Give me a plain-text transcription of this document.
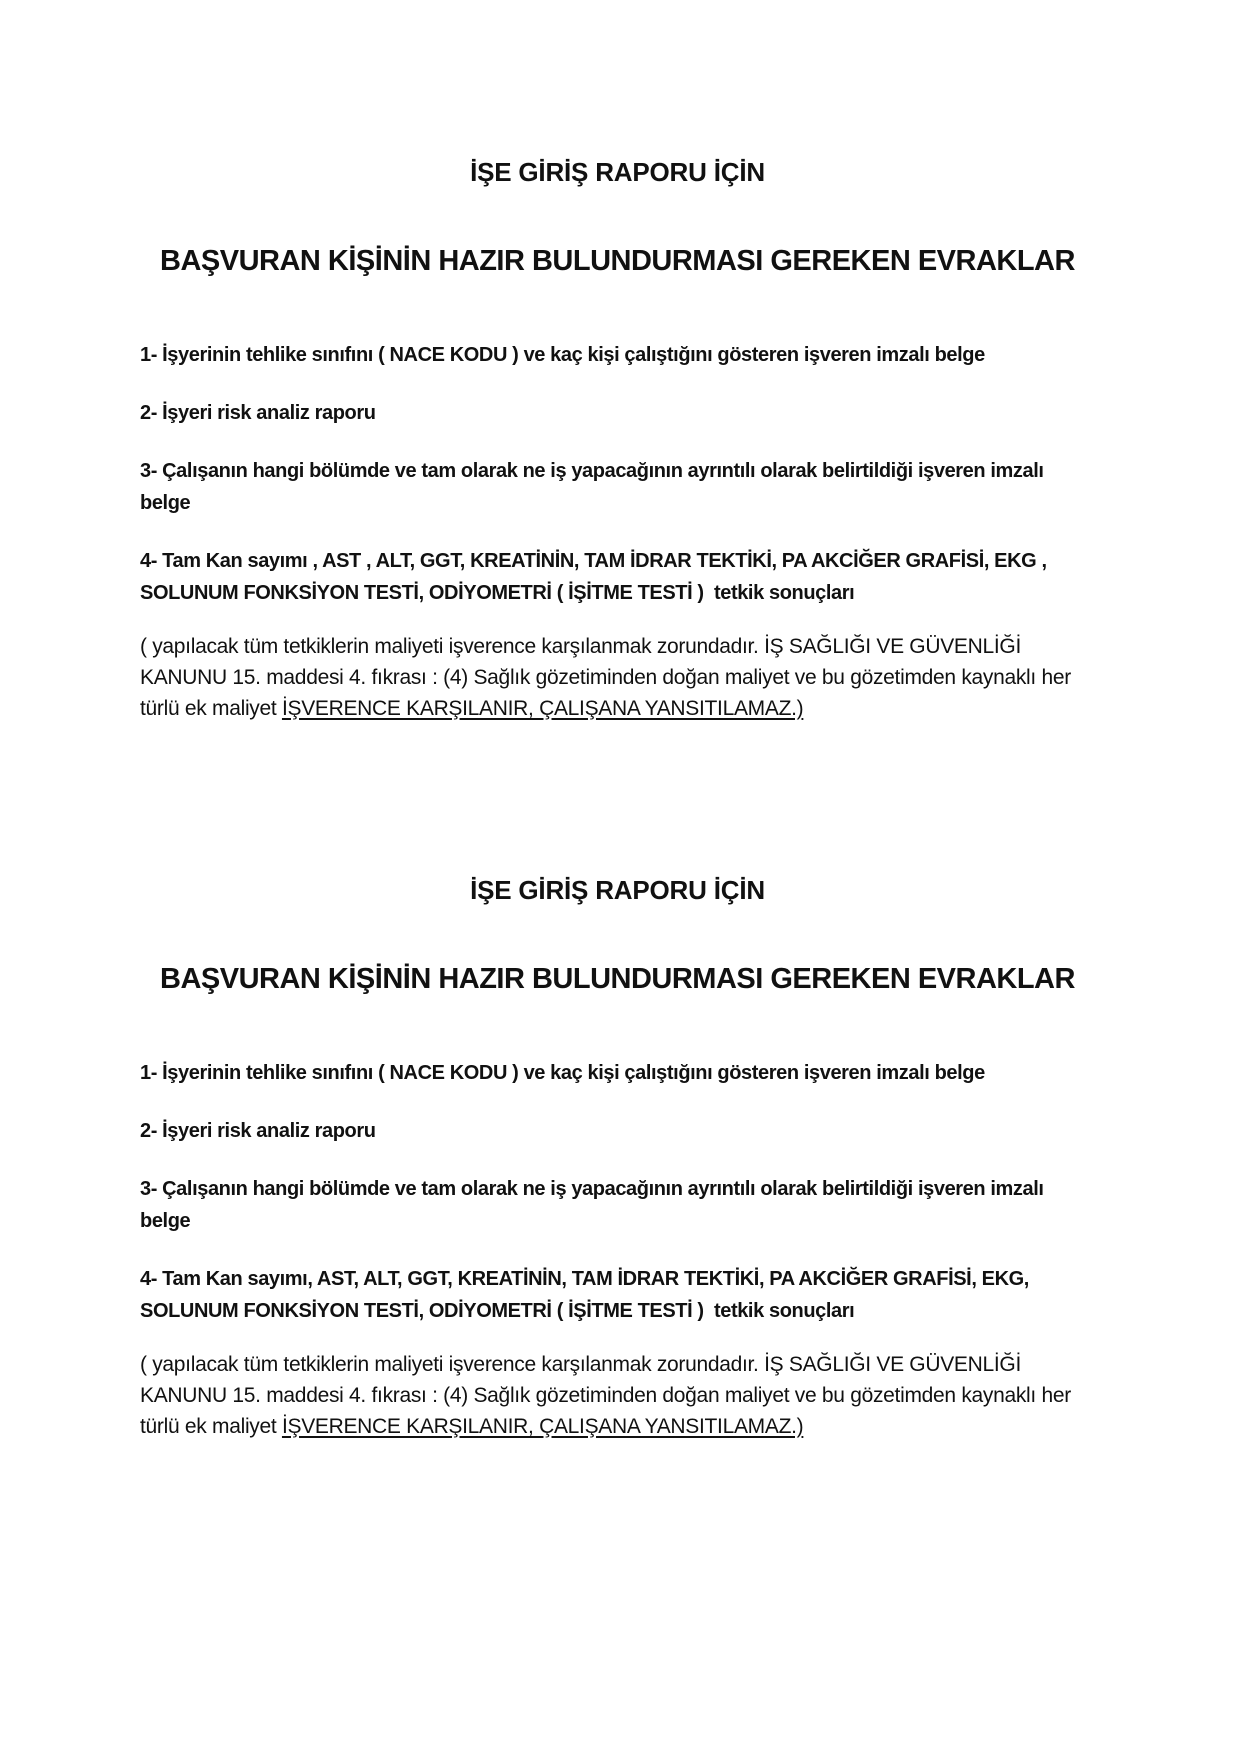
İŞE GİRİŞ RAPORU İÇİN
BAŞVURAN KİŞİNİN HAZIR BULUNDURMASI GEREKEN EVRAKLAR

1- İşyerinin tehlike sınıfını ( NACE KODU ) ve kaç kişi çalıştığını gösteren işveren imzalı belge

2- İşyeri risk analiz raporu

3- Çalışanın hangi bölümde ve tam olarak ne iş yapacağının ayrıntılı olarak belirtildiği işveren imzalı belge

4- Tam Kan sayımı , AST , ALT, GGT, KREATİNİN, TAM İDRAR TEKTİKİ, PA AKCİĞER GRAFİSİ, EKG , SOLUNUM FONKSİYON TESTİ, ODİYOMETRİ ( İŞİTME TESTİ )  tetkik sonuçları

( yapılacak tüm tetkiklerin maliyeti işverence karşılanmak zorundadır. İŞ SAĞLIĞI VE GÜVENLİĞİ KANUNU 15. maddesi 4. fıkrası : (4) Sağlık gözetiminden doğan maliyet ve bu gözetimden kaynaklı her türlü ek maliyet İŞVERENCE KARŞILANIR, ÇALIŞANA YANSITILAMAZ.)

İŞE GİRİŞ RAPORU İÇİN
BAŞVURAN KİŞİNİN HAZIR BULUNDURMASI GEREKEN EVRAKLAR

1- İşyerinin tehlike sınıfını ( NACE KODU ) ve kaç kişi çalıştığını gösteren işveren imzalı belge

2- İşyeri risk analiz raporu

3- Çalışanın hangi bölümde ve tam olarak ne iş yapacağının ayrıntılı olarak belirtildiği işveren imzalı belge

4- Tam Kan sayımı, AST, ALT, GGT, KREATİNİN, TAM İDRAR TEKTİKİ, PA AKCİĞER GRAFİSİ, EKG, SOLUNUM FONKSİYON TESTİ, ODİYOMETRİ ( İŞİTME TESTİ )  tetkik sonuçları

( yapılacak tüm tetkiklerin maliyeti işverence karşılanmak zorundadır. İŞ SAĞLIĞI VE GÜVENLİĞİ KANUNU 15. maddesi 4. fıkrası : (4) Sağlık gözetiminden doğan maliyet ve bu gözetimden kaynaklı her türlü ek maliyet İŞVERENCE KARŞILANIR, ÇALIŞANA YANSITILAMAZ.)
